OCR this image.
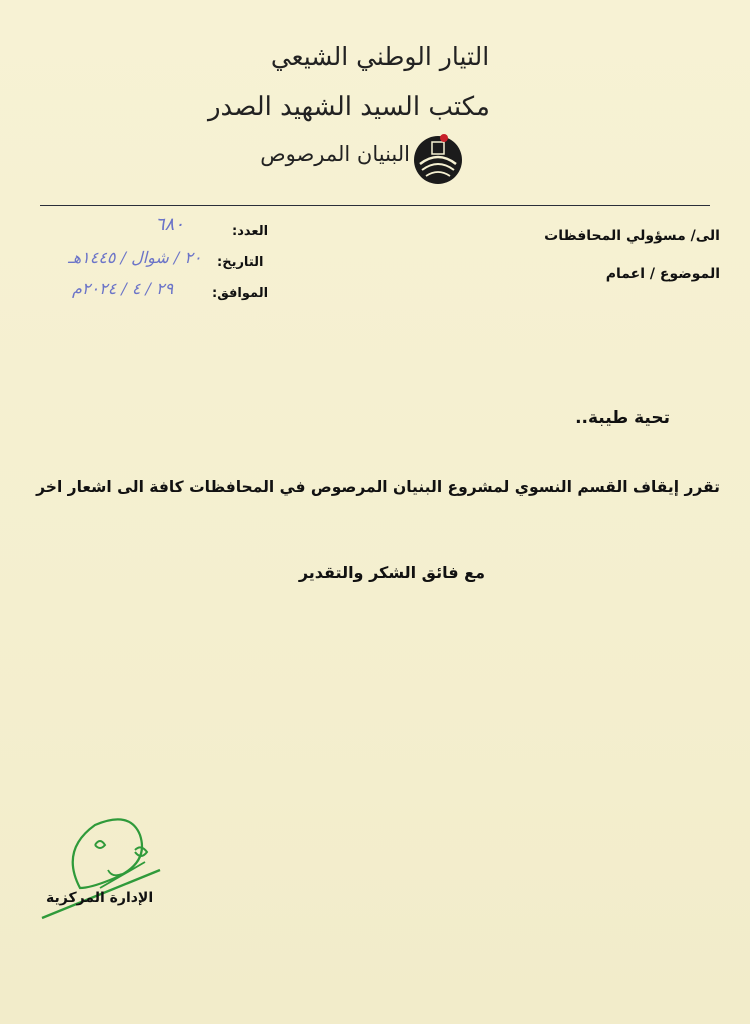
التيار الوطني الشيعي
مكتب السيد الشهيد الصدر
البنيان المرصوص
الى/ مسؤولي المحافظات
الموضوع / اعمام
العدد:
٦٨٠
التاريخ:
٢٠ / شوال / ١٤٤٥هـ
الموافق:
٢٩ / ٤ / ٢٠٢٤م
تحية طيبة..
تقرر إيقاف القسم النسوي لمشروع البنيان المرصوص في المحافظات كافة الى اشعار اخر
مع فائق الشكر والتقدير
الإدارة المركزية
